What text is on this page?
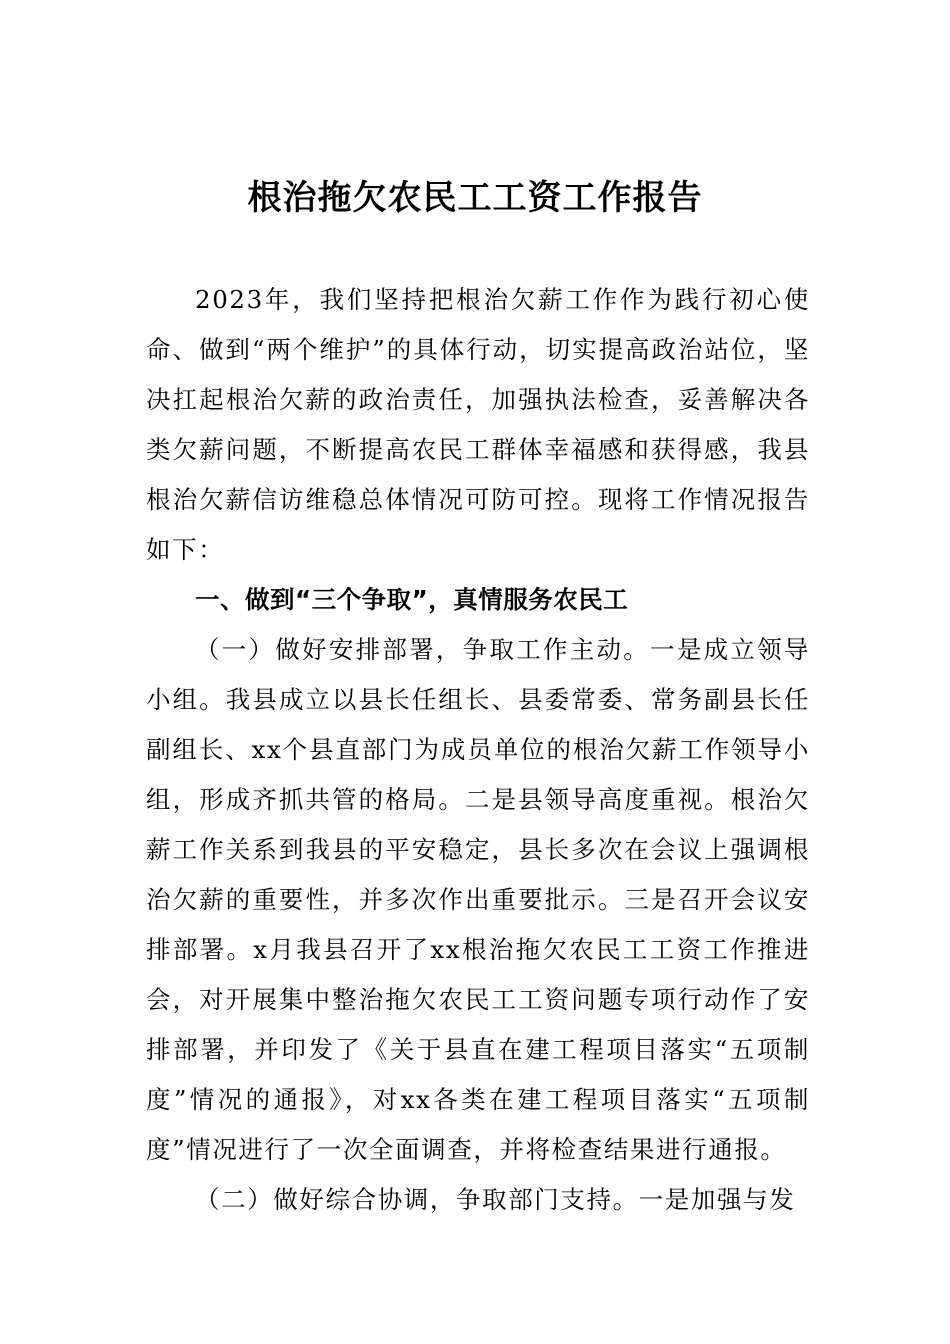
根治拖欠农民工工资工作报告

2023年，我们坚持把根治欠薪工作作为践行初心使命、做到“两个维护”的具体行动，切实提高政治站位，坚决扛起根治欠薪的政治责任，加强执法检查，妥善解决各类欠薪问题，不断提高农民工群体幸福感和获得感，我县根治欠薪信访维稳总体情况可防可控。现将工作情况报告如下：

一、做到“三个争取”，真情服务农民工

（一）做好安排部署，争取工作主动。一是成立领导小组。我县成立以县长任组长、县委常委、常务副县长任副组长、xx个县直部门为成员单位的根治欠薪工作领导小组，形成齐抓共管的格局。二是县领导高度重视。根治欠薪工作关系到我县的平安稳定，县长多次在会议上强调根治欠薪的重要性，并多次作出重要批示。三是召开会议安排部署。x月我县召开了xx根治拖欠农民工工资工作推进会，对开展集中整治拖欠农民工工资问题专项行动作了安排部署，并印发了《关于县直在建工程项目落实“五项制度”情况的通报》，对xx各类在建工程项目落实“五项制度”情况进行了一次全面调查，并将检查结果进行通报。

（二）做好综合协调，争取部门支持。一是加强与发
